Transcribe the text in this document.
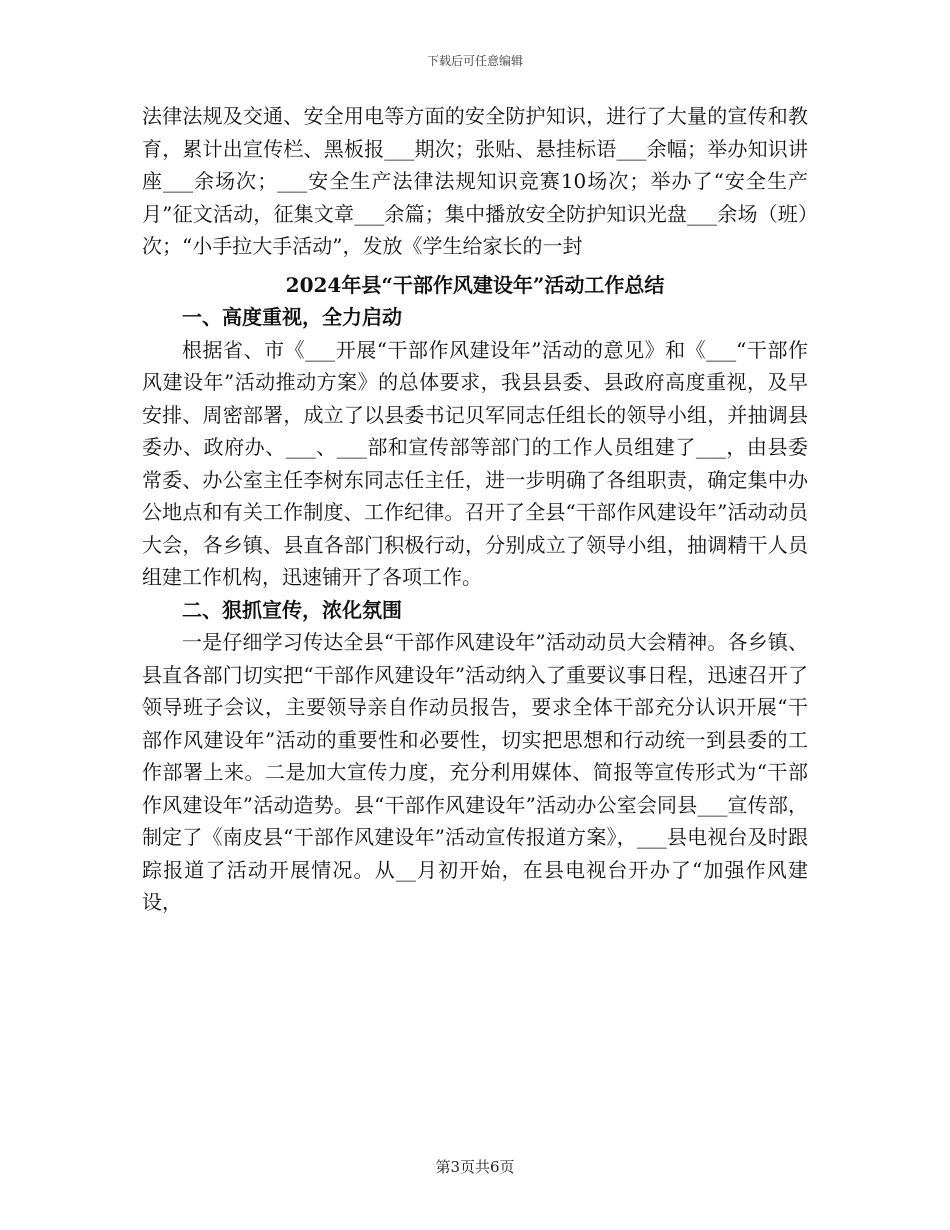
下载后可任意编辑

法律法规及交通、安全用电等方面的安全防护知识，进行了大量的宣传和教育，累计出宣传栏、黑板报___期次；张贴、悬挂标语___余幅；举办知识讲座___余场次；___安全生产法律法规知识竞赛10场次；举办了“安全生产月”征文活动，征集文章___余篇；集中播放安全防护知识光盘___余场（班）次；“小手拉大手活动”，发放《学生给家长的一封

2024年县“干部作风建设年”活动工作总结

一、高度重视，全力启动

根据省、市《___开展“干部作风建设年”活动的意见》和《___“干部作风建设年”活动推动方案》的总体要求，我县县委、县政府高度重视，及早安排、周密部署，成立了以县委书记贝军同志任组长的领导小组，并抽调县委办、政府办、___、___部和宣传部等部门的工作人员组建了___，由县委常委、办公室主任李树东同志任主任，进一步明确了各组职责，确定集中办公地点和有关工作制度、工作纪律。召开了全县“干部作风建设年”活动动员大会，各乡镇、县直各部门积极行动，分别成立了领导小组，抽调精干人员组建工作机构，迅速铺开了各项工作。

二、狠抓宣传，浓化氛围

一是仔细学习传达全县“干部作风建设年”活动动员大会精神。各乡镇、县直各部门切实把“干部作风建设年”活动纳入了重要议事日程，迅速召开了领导班子会议，主要领导亲自作动员报告，要求全体干部充分认识开展“干部作风建设年”活动的重要性和必要性，切实把思想和行动统一到县委的工作部署上来。二是加大宣传力度，充分利用媒体、简报等宣传形式为“干部作风建设年”活动造势。县“干部作风建设年”活动办公室会同县___宣传部，制定了《南皮县“干部作风建设年”活动宣传报道方案》，___县电视台及时跟踪报道了活动开展情况。从__月初开始，在县电视台开办了“加强作风建设，

第3页共6页
